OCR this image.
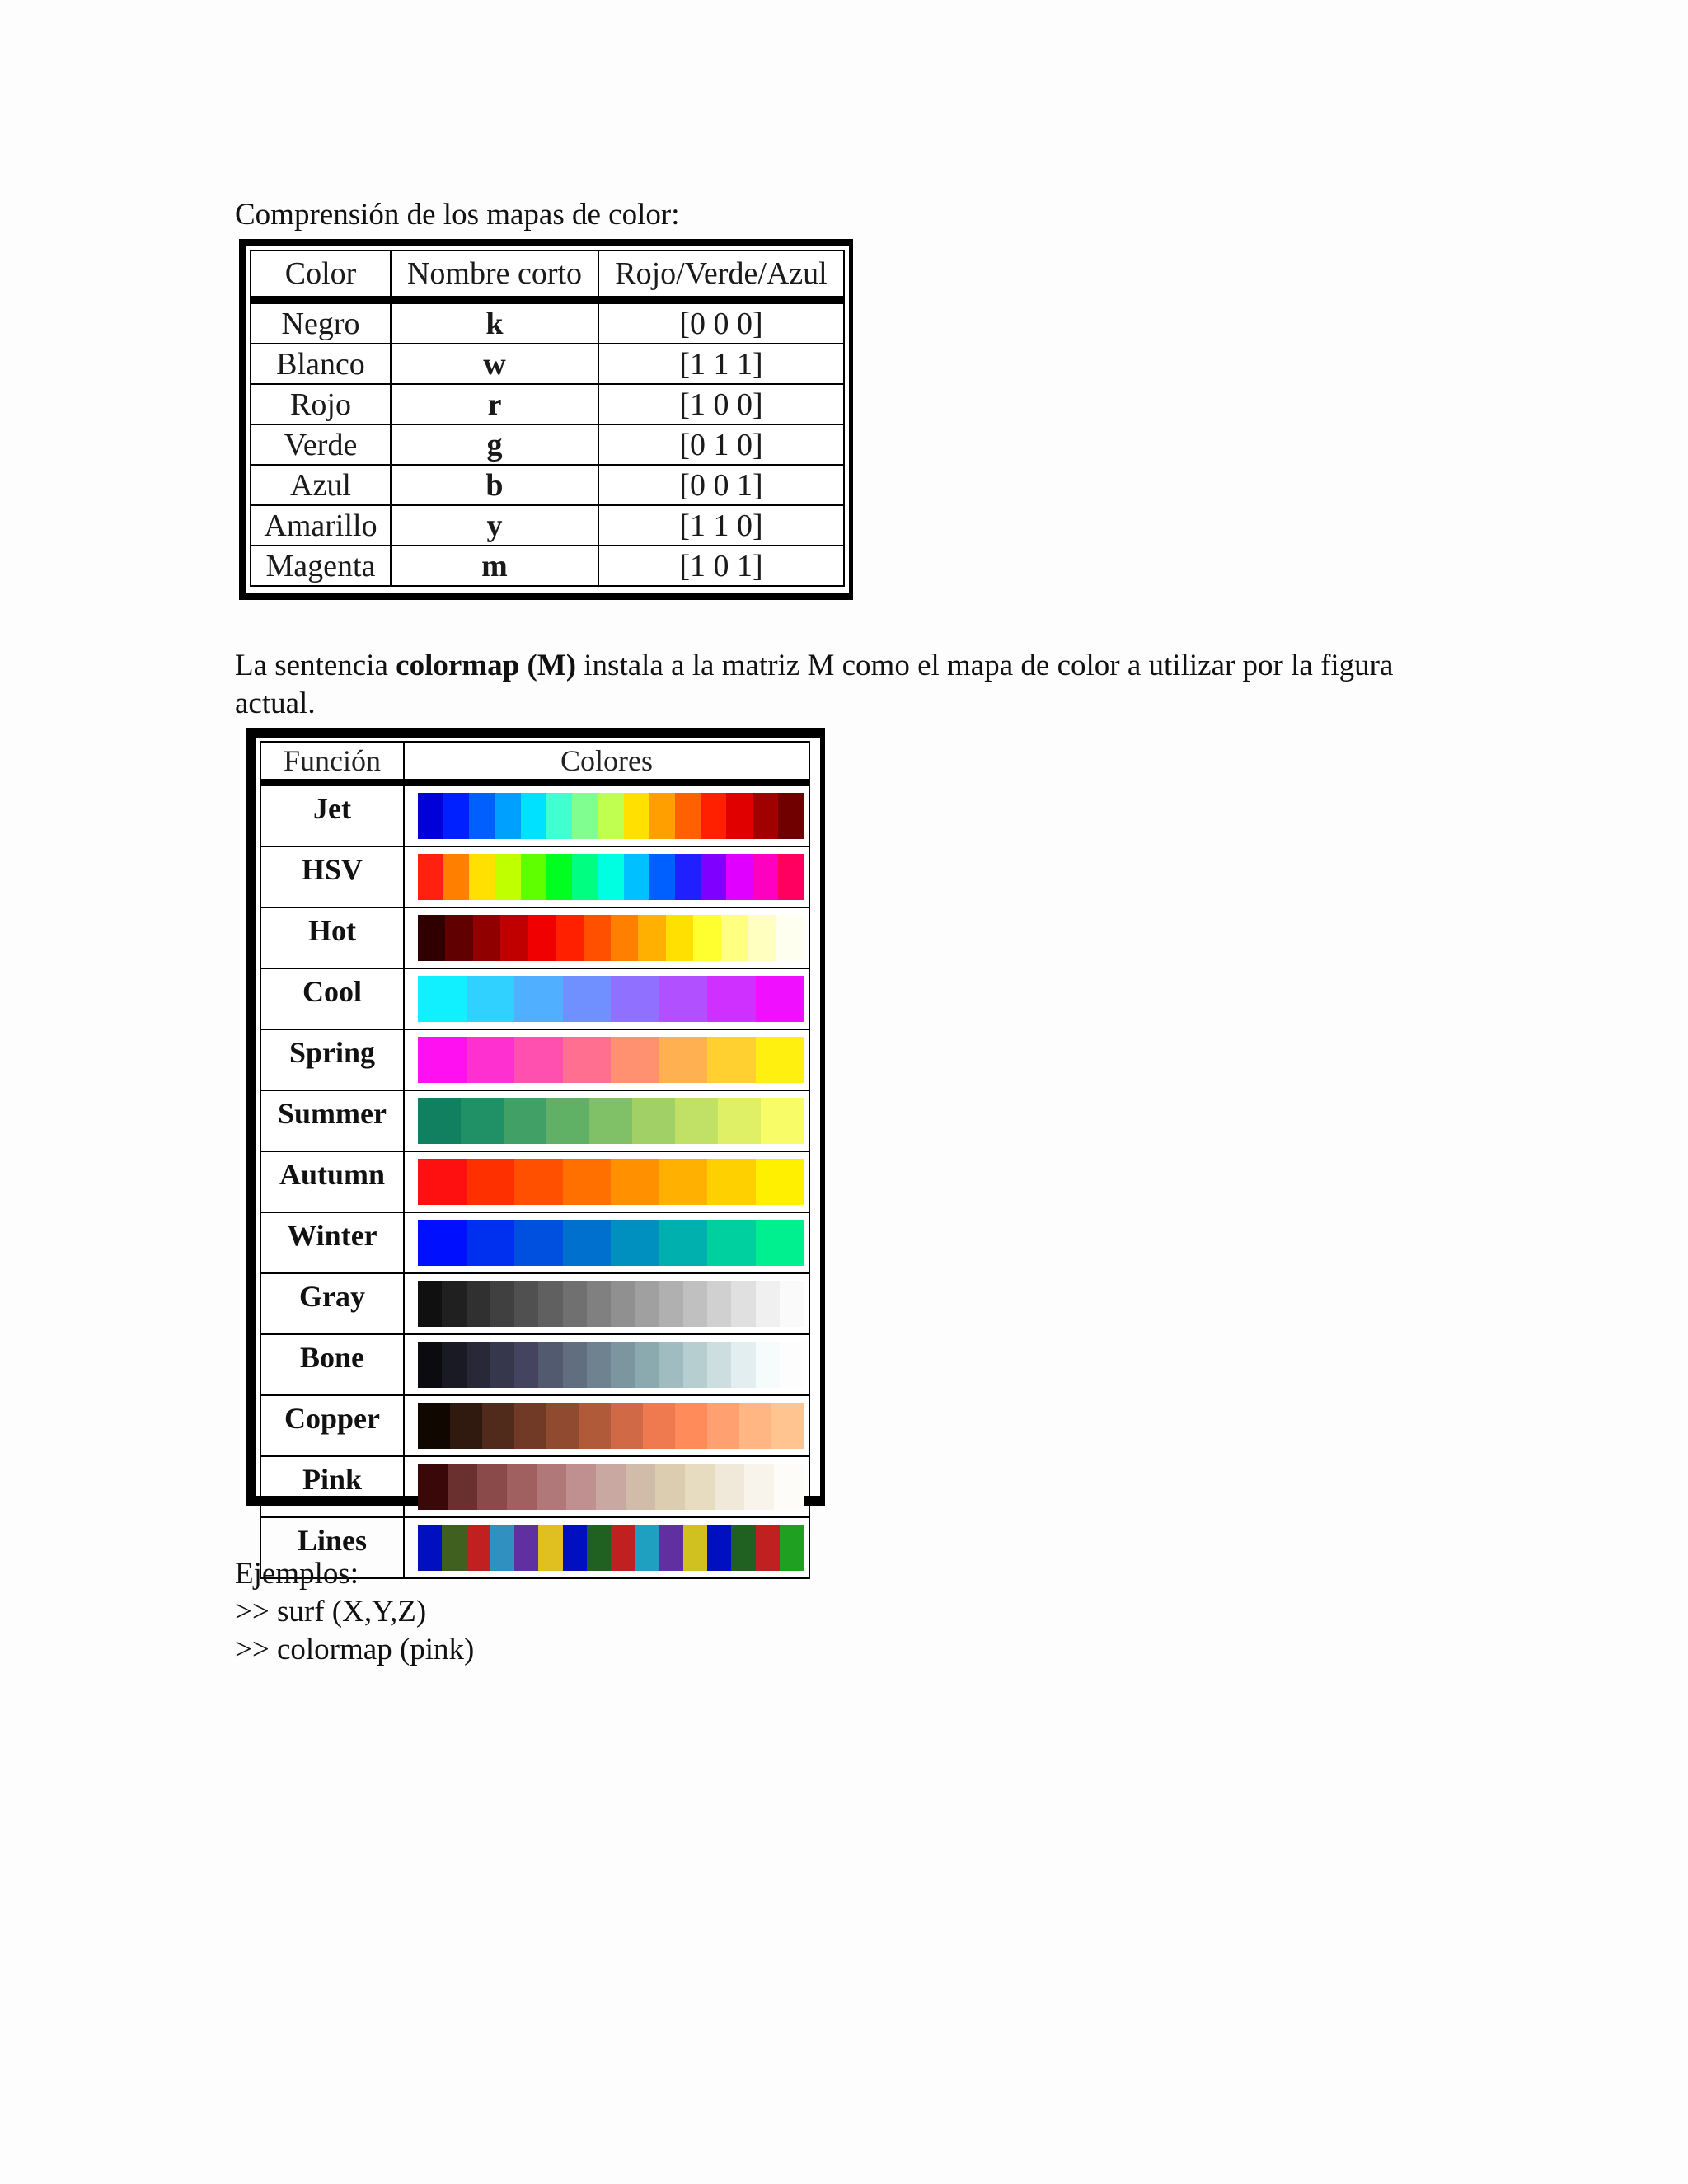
Comprensión de los mapas de color:

Color	Nombre corto	Rojo/Verde/Azul
Negro	k	[0 0 0]
Blanco	w	[1 1 1]
Rojo	r	[1 0 0]
Verde	g	[0 1 0]
Azul	b	[0 0 1]
Amarillo	y	[1 1 0]
Magenta	m	[1 0 1]

La sentencia colormap (M) instala a la matriz M como el mapa de color a utilizar por la figura actual.

Función	Colores
Jet	

HSV	

Hot	

Cool	

Spring	

Summer	

Autumn	

Winter	

Gray	

Bone	

Copper	

Pink	

Lines	
Ejemplos:
>> surf (X,Y,Z)
>> colormap (pink)
